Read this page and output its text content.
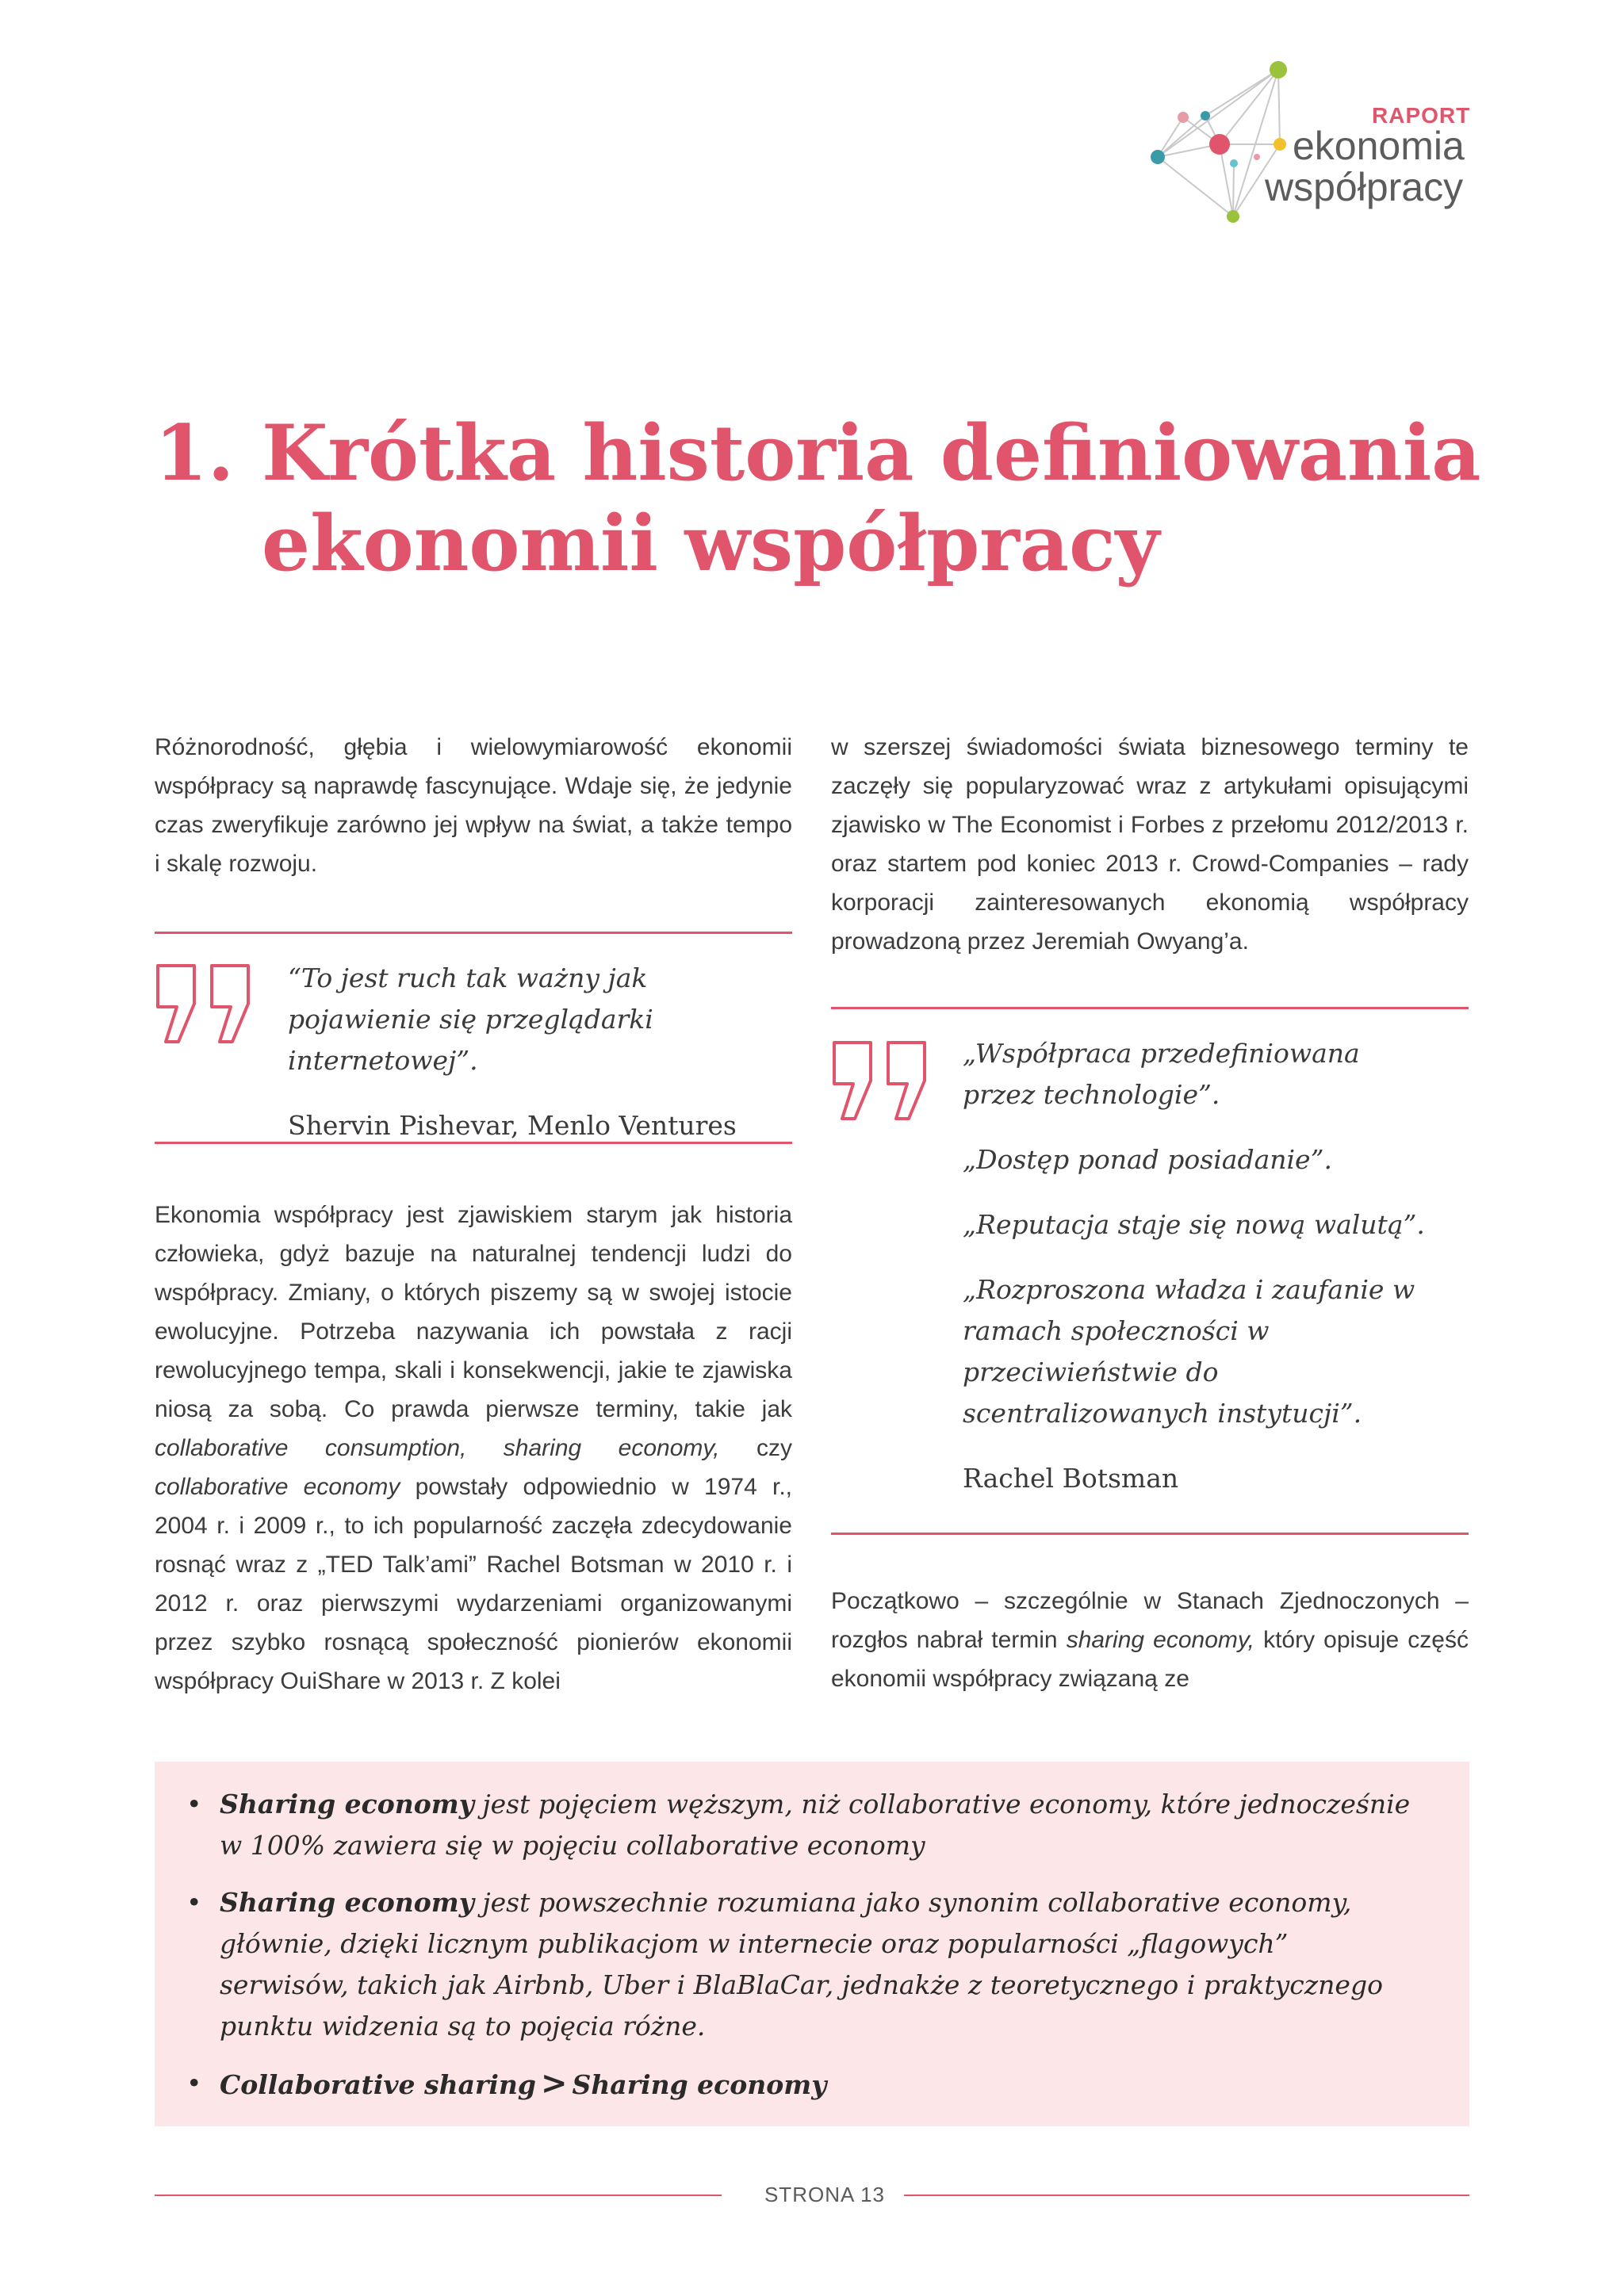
RAPORT
ekonomia
współpracy
1. Krótka historia definiowania
ekonomii współpracy
Różnorodność, głębia i wielowymiarowość ekonomii współpracy są naprawdę fascynujące. Wdaje się, że jedynie czas zweryfikuje zarówno jej wpływ na świat, a także tempo i skalę rozwoju.

“To jest ruch tak ważny jak pojawienie się przeglądarki internetowej”.

Shervin Pishevar, Menlo Ventures

Ekonomia współpracy jest zjawiskiem starym jak historia człowieka, gdyż bazuje na naturalnej tendencji ludzi do współpracy. Zmiany, o których piszemy są w swojej istocie ewolucyjne. Potrzeba nazywania ich powstała z racji rewolucyjnego tempa, skali i konsekwencji, jakie te zjawiska niosą za sobą. Co prawda pierwsze terminy, takie jak collaborative consumption, sharing economy, czy collaborative economy powstały odpowiednio w 1974 r., 2004 r. i 2009 r., to ich popularność zaczęła zdecydowanie rosnąć wraz z „TED Talk’ami” Rachel Botsman w 2010 r. i 2012 r. oraz pierwszymi wydarzeniami organizowanymi przez szybko rosnącą społeczność pionierów ekonomii współpracy OuiShare w 2013 r. Z kolei
w szerszej świadomości świata biznesowego terminy te zaczęły się popularyzować wraz z artykułami opisującymi zjawisko w The Economist i Forbes z przełomu 2012/2013 r. oraz startem pod koniec 2013 r. Crowd-Companies – rady korporacji zainteresowanych ekonomią współpracy prowadzoną przez Jeremiah Owyang’a.

„Współpraca przedefiniowana przez technologie”.

„Dostęp ponad posiadanie”.

„Reputacja staje się nową walutą”.

„Rozproszona władza i zaufanie w ramach społeczności w przeciwieństwie do scentralizowanych instytucji”.

Rachel Botsman

Początkowo – szczególnie w Stanach Zjednoczonych – rozgłos nabrał termin sharing economy, który opisuje część ekonomii współpracy związaną ze
• Sharing economy jest pojęciem węższym, niż collaborative economy, które jednocześnie w 100% zawiera się w pojęciu collaborative economy
• Sharing economy jest powszechnie rozumiana jako synonim collaborative economy, głównie, dzięki licznym publikacjom w internecie oraz popularności „flagowych” serwisów, takich jak Airbnb, Uber i BlaBlaCar, jednakże z teoretycznego i praktycznego punktu widzenia są to pojęcia różne.
• Collaborative sharing > Sharing economy
STRONA 13
